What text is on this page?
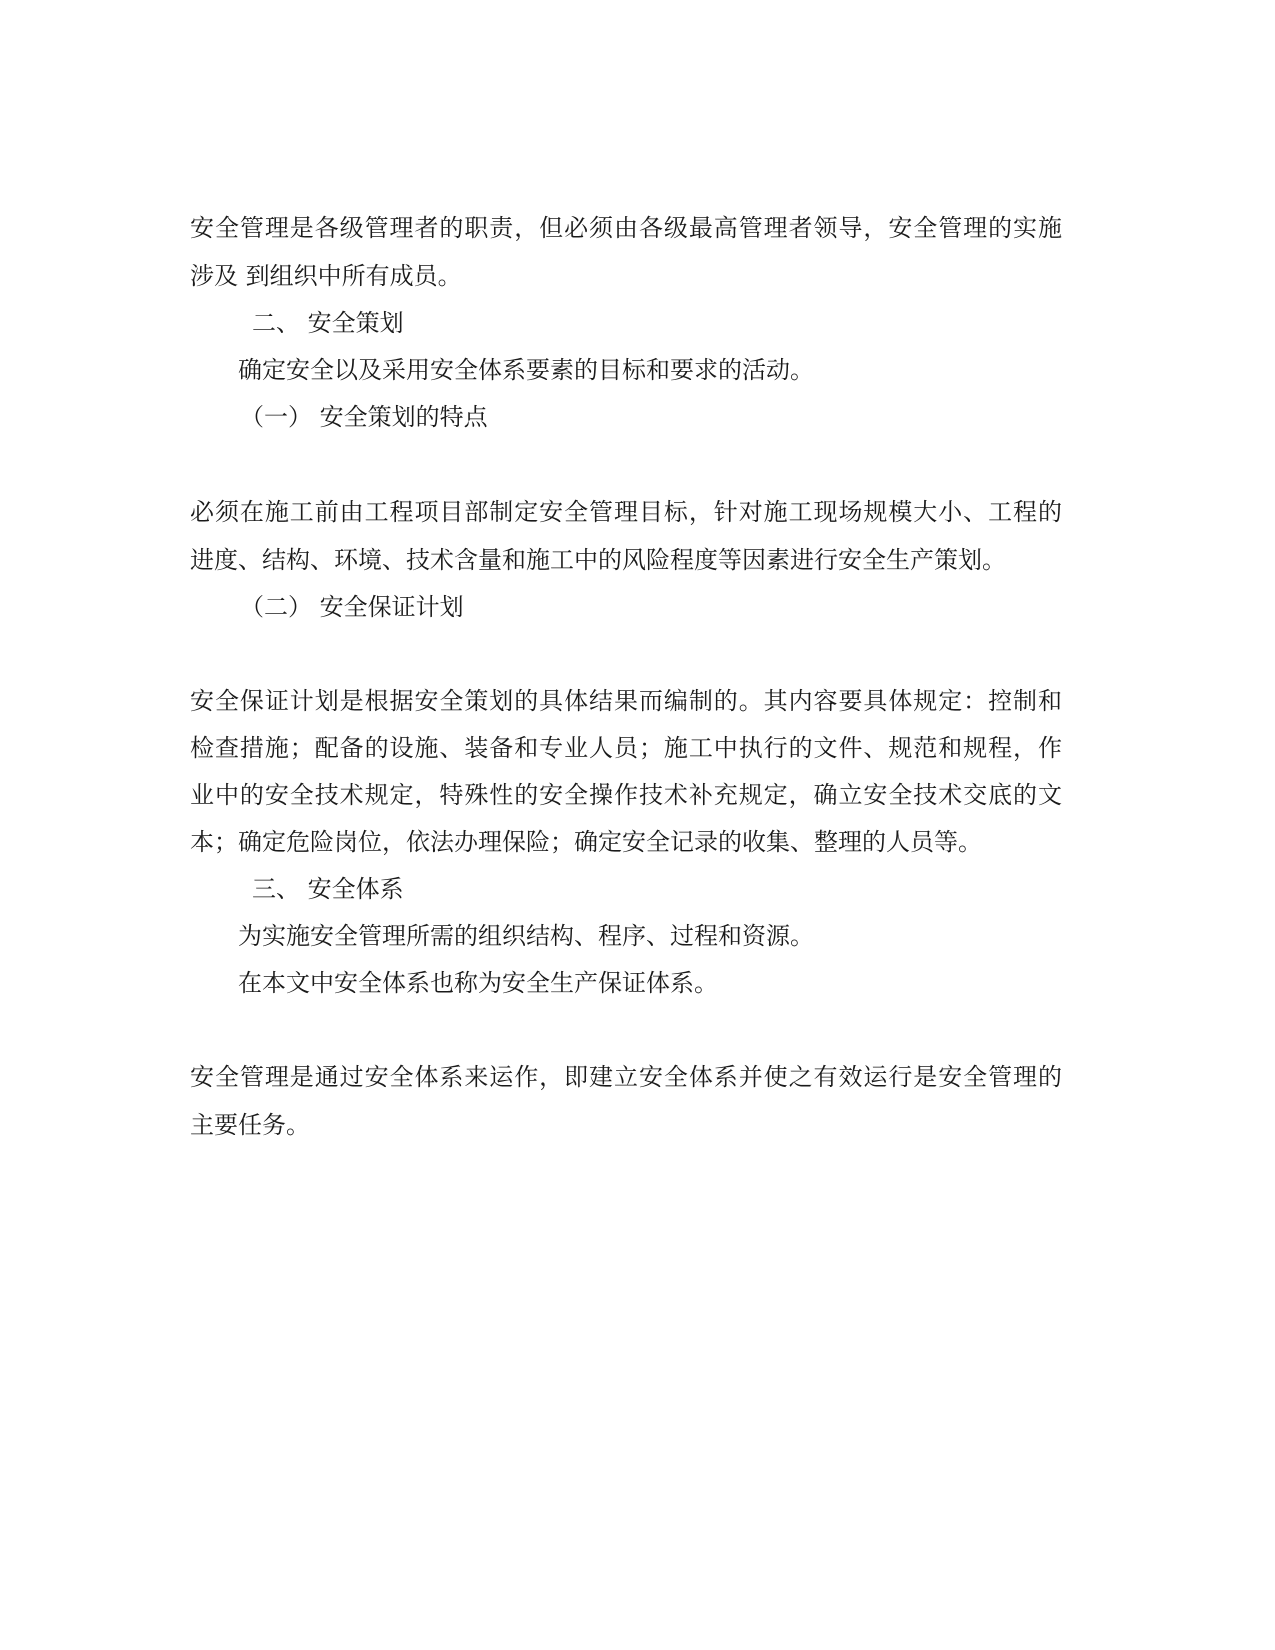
安全管理是各级管理者的职责，但必须由各级最高管理者领导，安全管理的实施
涉及 到组织中所有成员。
二、 安全策划
确定安全以及采用安全体系要素的目标和要求的活动。
（一） 安全策划的特点
必须在施工前由工程项目部制定安全管理目标，针对施工现场规模大小、工程的
进度、结构、环境、技术含量和施工中的风险程度等因素进行安全生产策划。
（二） 安全保证计划
安全保证计划是根据安全策划的具体结果而编制的。其内容要具体规定：控制和
检查措施；配备的设施、装备和专业人员；施工中执行的文件、规范和规程，作
业中的安全技术规定，特殊性的安全操作技术补充规定，确立安全技术交底的文
本；确定危险岗位，依法办理保险；确定安全记录的收集、整理的人员等。
三、 安全体系
为实施安全管理所需的组织结构、程序、过程和资源。
在本文中安全体系也称为安全生产保证体系。
安全管理是通过安全体系来运作，即建立安全体系并使之有效运行是安全管理的
主要任务。
